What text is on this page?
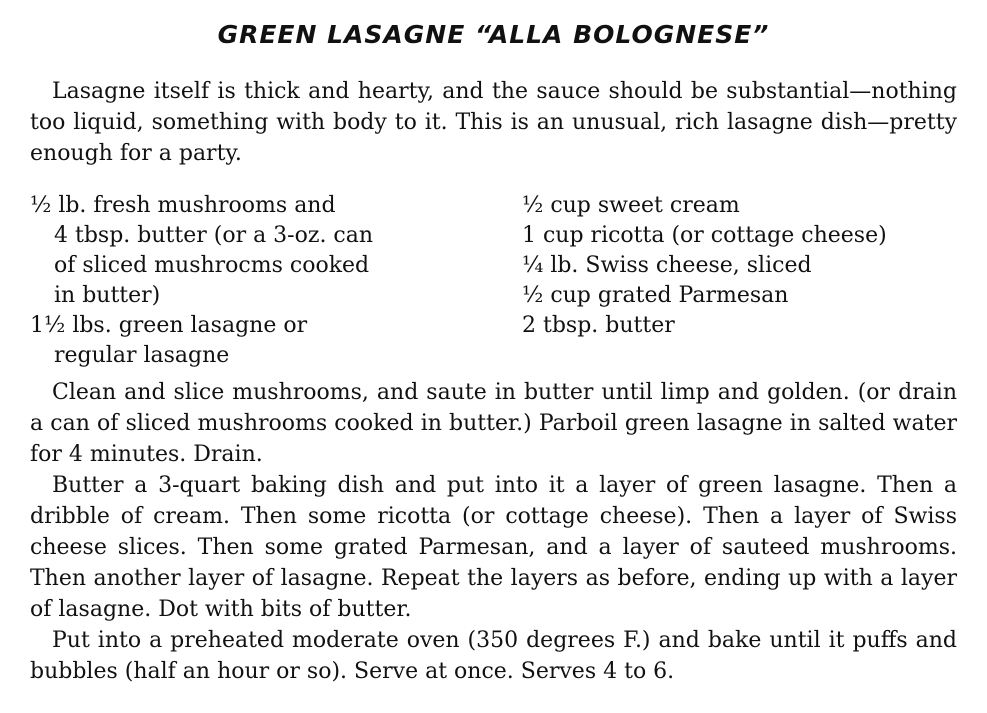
GREEN LASAGNE “ALLA BOLOGNESE”

Lasagne itself is thick and hearty, and the sauce should be substantial—nothing too liquid, something with body to it. This is an unusual, rich lasagne dish—pretty enough for a party.

½ lb. fresh mushrooms and
4 tbsp. butter (or a 3-oz. can
of sliced mushrocms cooked
in butter)
1½ lbs. green lasagne or
regular lasagne
½ cup sweet cream
1 cup ricotta (or cottage cheese)
¼ lb. Swiss cheese, sliced
½ cup grated Parmesan
2 tbsp. butter

Clean and slice mushrooms, and saute in butter until limp and golden. (or drain a can of sliced mushrooms cooked in butter.) Parboil green lasagne in salted water for 4 minutes. Drain.

Butter a 3-quart baking dish and put into it a layer of green lasagne. Then a dribble of cream. Then some ricotta (or cottage cheese). Then a layer of Swiss cheese slices. Then some grated Parmesan, and a layer of sauteed mushrooms. Then another layer of lasagne. Repeat the layers as before, ending up with a layer of lasagne. Dot with bits of butter.

Put into a preheated moderate oven (350 degrees F.) and bake until it puffs and bubbles (half an hour or so). Serve at once. Serves 4 to 6.
